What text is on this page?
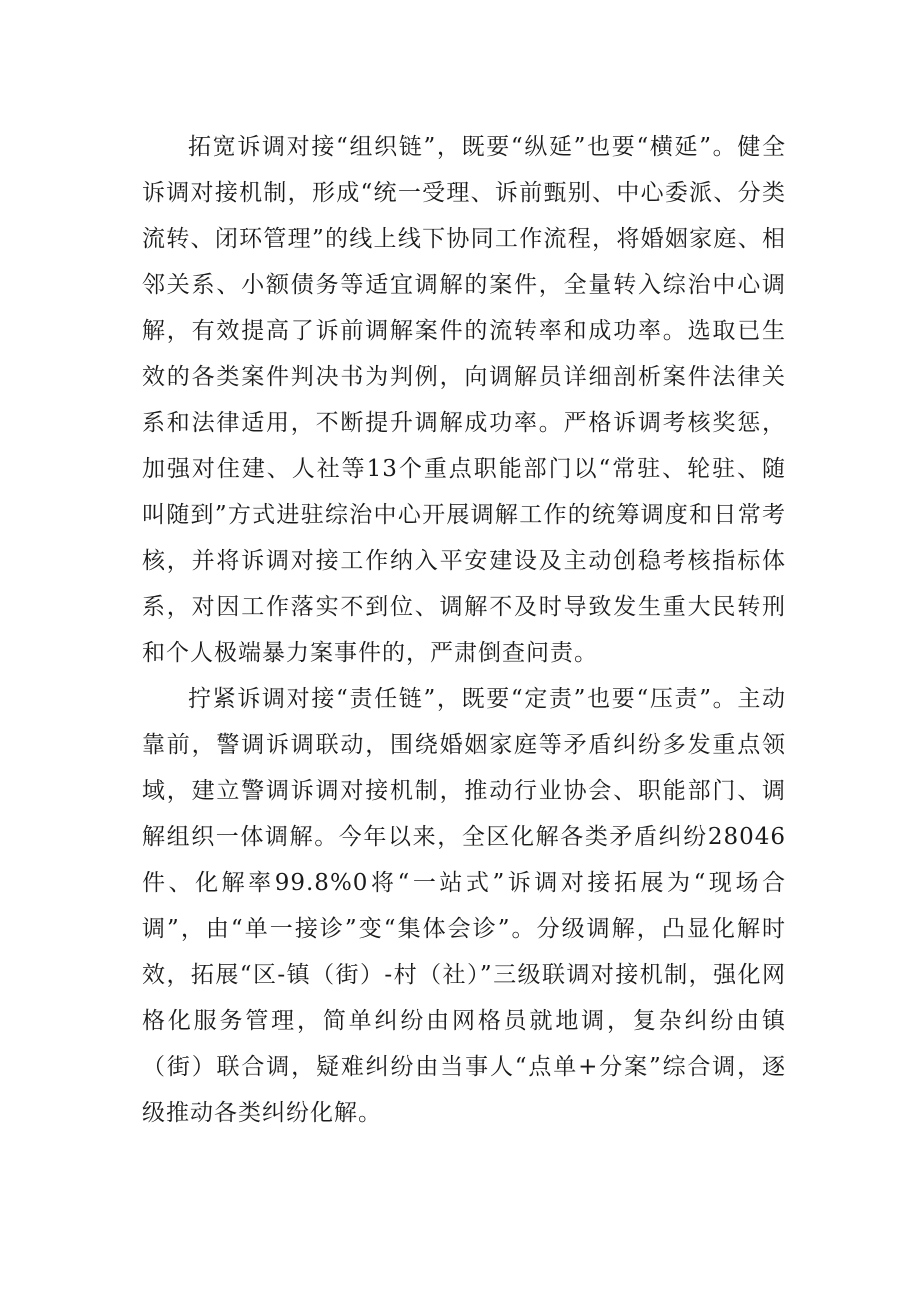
拓宽诉调对接“组织链”，既要“纵延”也要“横延”。健全诉调对接机制，形成“统一受理、诉前甄别、中心委派、分类流转、闭环管理”的线上线下协同工作流程，将婚姻家庭、相邻关系、小额债务等适宜调解的案件，全量转入综治中心调解，有效提高了诉前调解案件的流转率和成功率。选取已生效的各类案件判决书为判例，向调解员详细剖析案件法律关系和法律适用，不断提升调解成功率。严格诉调考核奖惩，加强对住建、人社等13个重点职能部门以“常驻、轮驻、随叫随到”方式进驻综治中心开展调解工作的统筹调度和日常考核，并将诉调对接工作纳入平安建设及主动创稳考核指标体系，对因工作落实不到位、调解不及时导致发生重大民转刑和个人极端暴力案事件的，严肃倒查问责。

拧紧诉调对接“责任链”，既要“定责”也要“压责”。主动靠前，警调诉调联动，围绕婚姻家庭等矛盾纠纷多发重点领域，建立警调诉调对接机制，推动行业协会、职能部门、调解组织一体调解。今年以来，全区化解各类矛盾纠纷28046件、化解率99.8%0将“一站式”诉调对接拓展为“现场合调”，由“单一接诊”变“集体会诊”。分级调解，凸显化解时效，拓展“区-镇（街）-村（社）”三级联调对接机制，强化网格化服务管理，简单纠纷由网格员就地调，复杂纠纷由镇（街）联合调，疑难纠纷由当事人“点单+分案”综合调，逐级推动各类纠纷化解。
